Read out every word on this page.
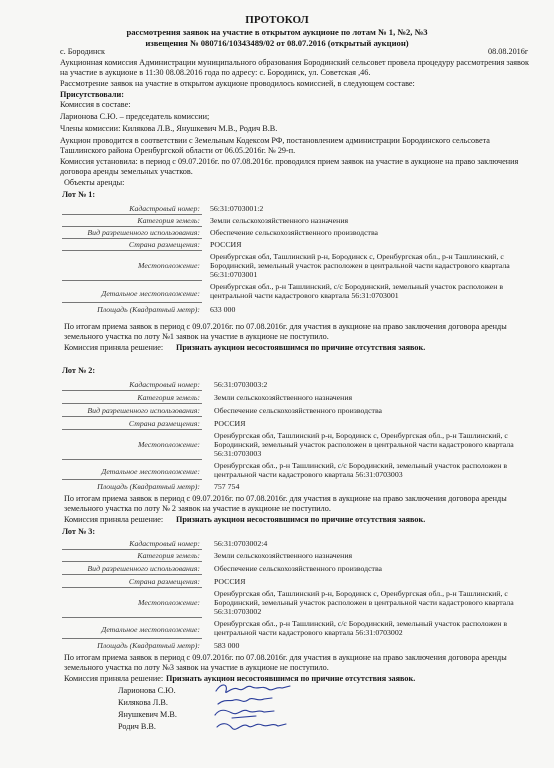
ПРОТОКОЛ
рассмотрения заявок на участие в открытом аукционе по лотам № 1, №2, №3
извещения № 080716/10343489/02 от 08.07.2016 (открытый аукцион)
08.08.2016г
с. Бородинск
Аукционная комиссия Администрации муниципального образования Бородинский сельсовет провела процедуру рассмотрения заявок
на участие в аукционе в 11:30 08.08.2016 года по адресу: с. Бородинск, ул. Советская ,46.
Рассмотрение заявок на участие в открытом аукционе проводилось комиссией, в следующем составе:
Присутствовали:
Комиссия в составе:
Ларионова С.Ю. – председатель комиссии;
Члены комиссии: Килякова Л.В., Янушкевич М.В., Родич В.В.
Аукцион проводится в соответствии с Земельным Кодексом РФ, постановлением администрации Бородинского сельсовета
Ташлинского района Оренбургской области от 06.05.2016г. № 29-п.
Комиссия установила: в период с 09.07.2016г. по 07.08.2016г. проводился прием заявок на участие в аукционе на право заключения
договора аренды земельных участков.
Объекты аренды:
Лот № 1:
Кадастровый номер: 56:31:0703001:2
Категория земель: Земли сельскохозяйственного назначения
Вид разрешенного использования: Обеспечение сельскохозяйственного производства
Страна размещения: РОССИЯ
Оренбургская обл, Ташлинский р-н, Бородинск с, Оренбургская обл., р-н Ташлинский, с
Местоположение: Бородинский, земельный участок расположен в центральной части кадастрового квартала
56:31:0703001
Оренбургская обл., р-н Ташлинский, с/с Бородинский, земельный участок расположен в
Детальное местоположение: центральной части кадастрового квартала 56:31:0703001
Площадь (Квадратный метр): 633 000
По итогам приема заявок в период с 09.07.2016г. по 07.08.2016г. для участия в аукционе на право заключения договора аренды
земельного участка по лоту №1 заявок на участие в аукционе не поступило.
Комиссия приняла решение: Признать аукцион несостоявшимся по причине отсутствия заявок.
Лот № 2:
Кадастровый номер: 56:31:0703003:2
Категория земель: Земли сельскохозяйственного назначения
Вид разрешенного использования: Обеспечение сельскохозяйственного производства
Страна размещения: РОССИЯ
Оренбургская обл, Ташлинский р-н, Бородинск с, Оренбургская обл., р-н Ташлинский, с
Местоположение: Бородинский, земельный участок расположен в центральной части кадастрового квартала
56:31:0703003
Оренбургская обл., р-н Ташлинский, с/с Бородинский, земельный участок расположен в
Детальное местоположение: центральной части кадастрового квартала 56:31:0703003
Площадь (Квадратный метр): 757 754
По итогам приема заявок в период с 09.07.2016г. по 07.08.2016г. для участия в аукционе на право заключения договора аренды
земельного участка по лоту № 2 заявок на участие в аукционе не поступило.
Комиссия приняла решение: Признать аукцион несостоявшимся по причине отсутствия заявок.
Лот № 3:
Кадастровый номер: 56:31:0703002:4
Категория земель: Земли сельскохозяйственного назначения
Вид разрешенного использования: Обеспечение сельскохозяйственного производства
Страна размещения: РОССИЯ
Оренбургская обл, Ташлинский р-н, Бородинск с, Оренбургская обл., р-н Ташлинский, с
Местоположение: Бородинский, земельный участок расположен в центральной части кадастрового квартала
56:31:0703002
Оренбургская обл., р-н Ташлинский, с/с Бородинский, земельный участок расположен в
Детальное местоположение: центральной части кадастрового квартала 56:31:0703002
Площадь (Квадратный метр): 583 000
По итогам приема заявок в период с 09.07.2016г. по 07.08.2016г. для участия в аукционе на право заключения договора аренды
земельного участка по лоту №3 заявок на участие в аукционе не поступило.
Комиссия приняла решение: Признать аукцион несостоявшимся по причине отсутствия заявок.
Ларионова С.Ю.
Килякова Л.В.
Янушкевич М.В.
Родич В.В.
